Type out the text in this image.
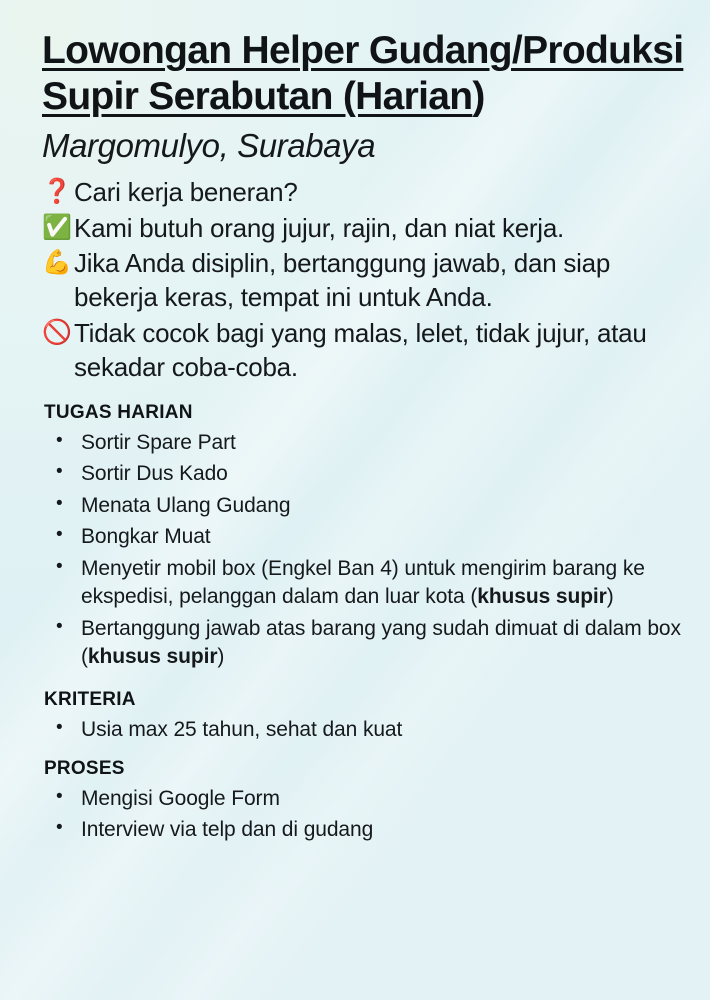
Lowongan Helper Gudang/Produksi
Supir Serabutan (Harian)
Margomulyo, Surabaya
❓ Cari kerja beneran?
✅ Kami butuh orang jujur, rajin, dan niat kerja.
💪 Jika Anda disiplin, bertanggung jawab, dan siap bekerja keras, tempat ini untuk Anda.
🚫 Tidak cocok bagi yang malas, lelet, tidak jujur, atau sekadar coba-coba.
TUGAS HARIAN
• Sortir Spare Part
• Sortir Dus Kado
• Menata Ulang Gudang
• Bongkar Muat
• Menyetir mobil box (Engkel Ban 4) untuk mengirim barang ke ekspedisi, pelanggan dalam dan luar kota (khusus supir)
• Bertanggung jawab atas barang yang sudah dimuat di dalam box (khusus supir)
KRITERIA
• Usia max 25 tahun, sehat dan kuat
PROSES
• Mengisi Google Form
• Interview via telp dan di gudang
